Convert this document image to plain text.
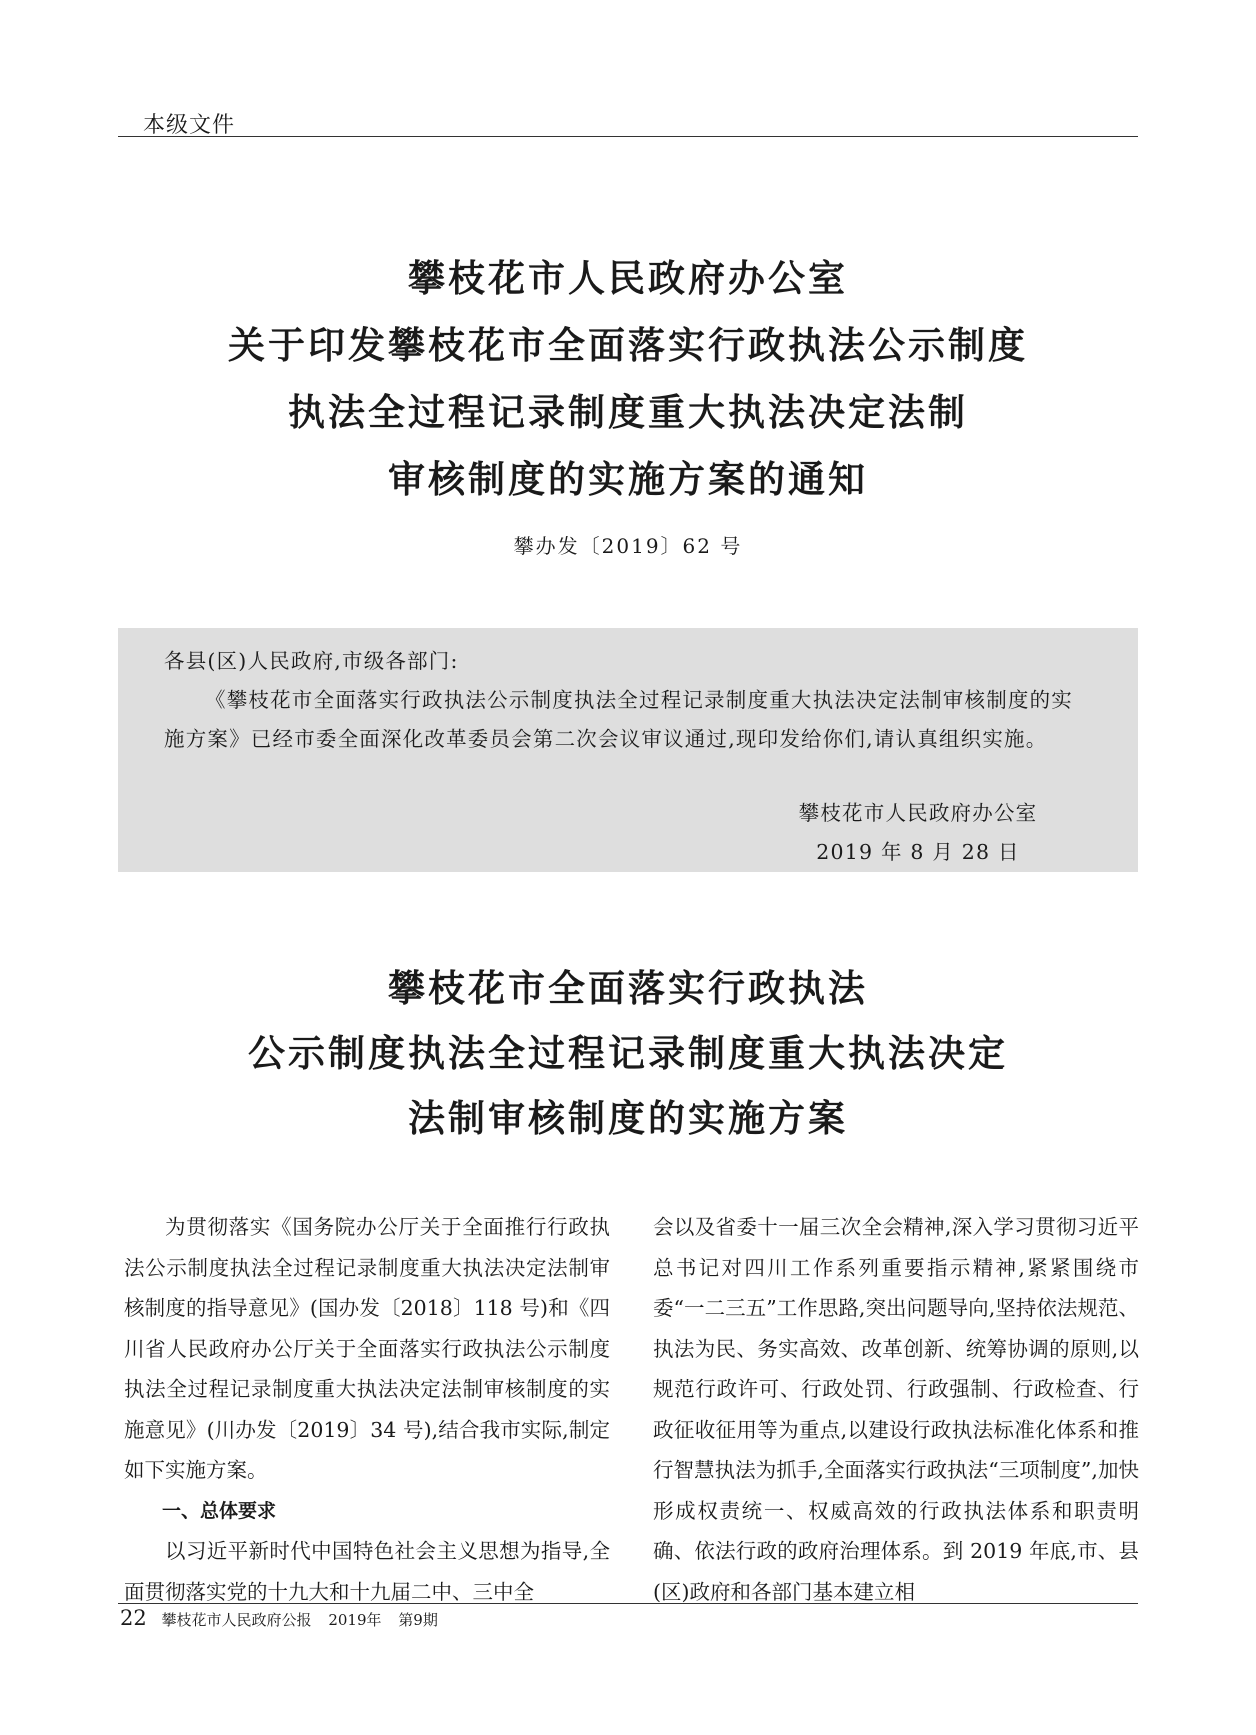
本级文件
攀枝花市人民政府办公室
关于印发攀枝花市全面落实行政执法公示制度
执法全过程记录制度重大执法决定法制
审核制度的实施方案的通知
攀办发〔2019〕62 号

各县(区)人民政府,市级各部门:

《攀枝花市全面落实行政执法公示制度执法全过程记录制度重大执法决定法制审核制度的实施方案》已经市委全面深化改革委员会第二次会议审议通过,现印发给你们,请认真组织实施。

攀枝花市人民政府办公室
2019 年 8 月 28 日
攀枝花市全面落实行政执法
公示制度执法全过程记录制度重大执法决定
法制审核制度的实施方案

为贯彻落实《国务院办公厅关于全面推行行政执法公示制度执法全过程记录制度重大执法决定法制审核制度的指导意见》(国办发〔2018〕118 号)和《四川省人民政府办公厅关于全面落实行政执法公示制度执法全过程记录制度重大执法决定法制审核制度的实施意见》(川办发〔2019〕34 号),结合我市实际,制定如下实施方案。

一、总体要求

以习近平新时代中国特色社会主义思想为指导,全面贯彻落实党的十九大和十九届二中、三中全

会以及省委十一届三次全会精神,深入学习贯彻习近平总书记对四川工作系列重要指示精神,紧紧围绕市委“一二三五”工作思路,突出问题导向,坚持依法规范、执法为民、务实高效、改革创新、统筹协调的原则,以规范行政许可、行政处罚、行政强制、行政检查、行政征收征用等为重点,以建设行政执法标准化体系和推行智慧执法为抓手,全面落实行政执法“三项制度”,加快形成权责统一、权威高效的行政执法体系和职责明确、依法行政的政府治理体系。到 2019 年底,市、县(区)政府和各部门基本建立相

22 攀枝花市人民政府公报 2019年 第9期
